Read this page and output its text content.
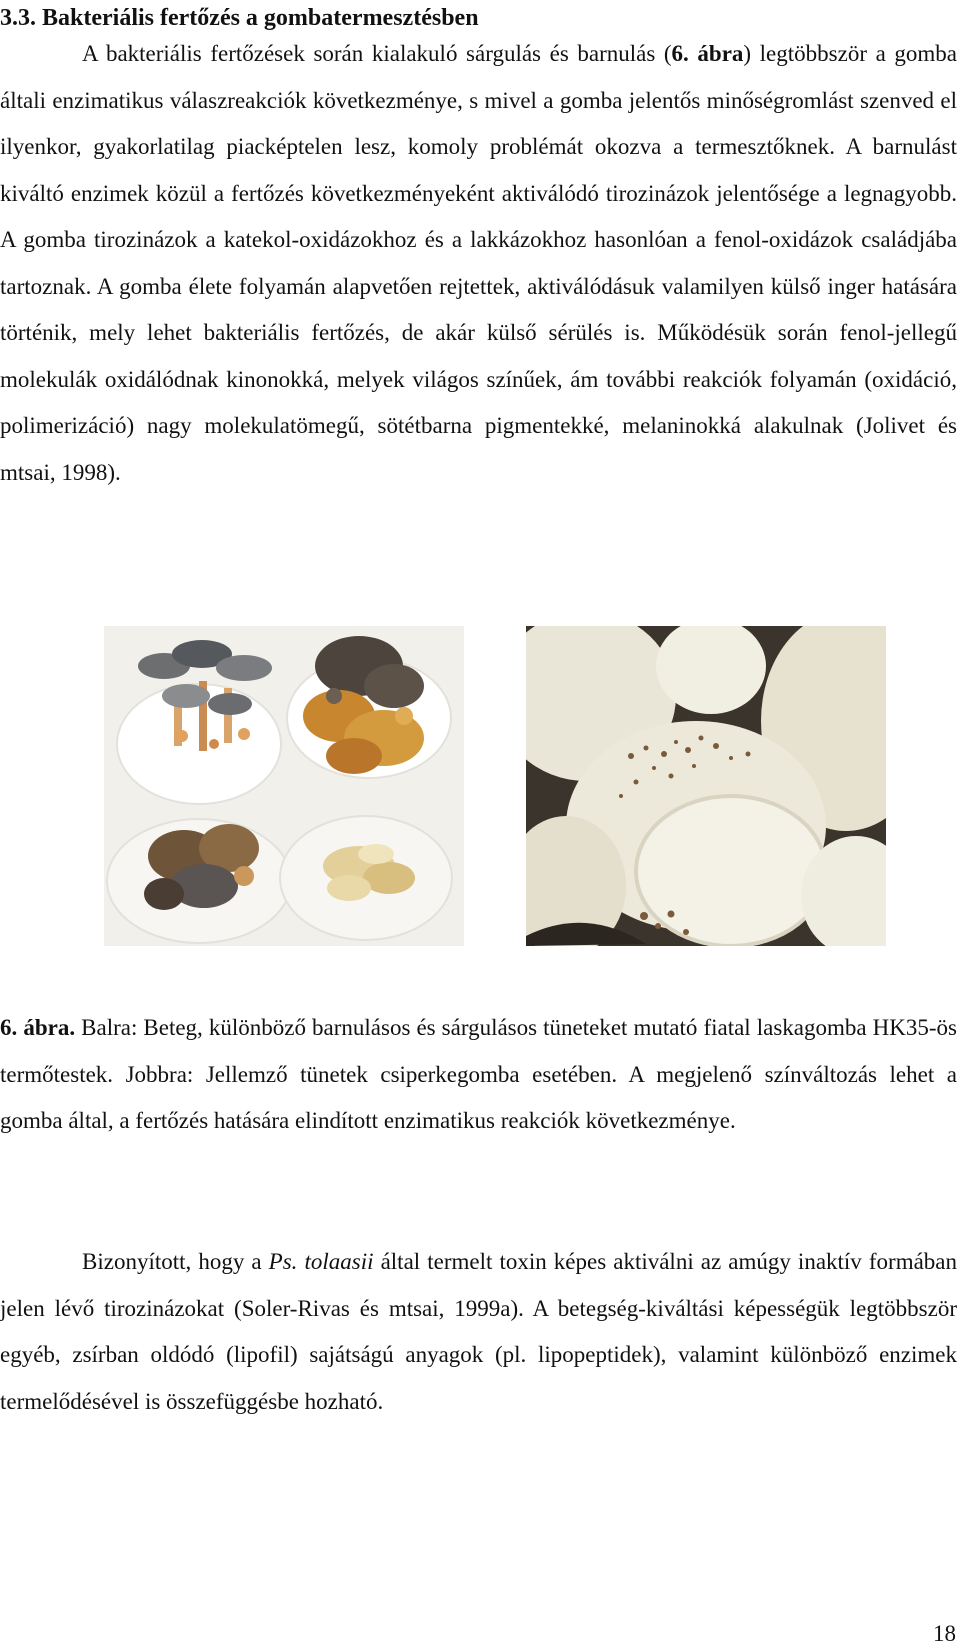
3.3. Bakteriális fertőzés a gombatermesztésben

A bakteriális fertőzések során kialakuló sárgulás és barnulás (6. ábra) legtöbbször a gomba általi enzimatikus válaszreakciók következménye, s mivel a gomba jelentős minőségromlást szenved el ilyenkor, gyakorlatilag piacképtelen lesz, komoly problémát okozva a termesztőknek. A barnulást kiváltó enzimek közül a fertőzés következményeként aktiválódó tirozinázok jelentősége a legnagyobb. A gomba tirozinázok a katekol-oxidázokhoz és a lakkázokhoz hasonlóan a fenol-oxidázok családjába tartoznak. A gomba élete folyamán alapvetően rejtettek, aktiválódásuk valamilyen külső inger hatására történik, mely lehet bakteriális fertőzés, de akár külső sérülés is. Működésük során fenol-jellegű molekulák oxidálódnak kinonokká, melyek világos színűek, ám további reakciók folyamán (oxidáció, polimerizáció) nagy molekulatömegű, sötétbarna pigmentekké, melaninokká alakulnak (Jolivet és mtsai, 1998).

6. ábra. Balra: Beteg, különböző barnulásos és sárgulásos tüneteket mutató fiatal laskagomba HK35-ös termőtestek. Jobbra: Jellemző tünetek csiperkegomba esetében. A megjelenő színváltozás lehet a gomba által, a fertőzés hatására elindított enzimatikus reakciók következménye.

Bizonyított, hogy a Ps. tolaasii által termelt toxin képes aktiválni az amúgy inaktív formában jelen lévő tirozinázokat (Soler-Rivas és mtsai, 1999a). A betegség-kiváltási képességük legtöbbször egyéb, zsírban oldódó (lipofil) sajátságú anyagok (pl. lipopeptidek), valamint különböző enzimek termelődésével is összefüggésbe hozható.

18
